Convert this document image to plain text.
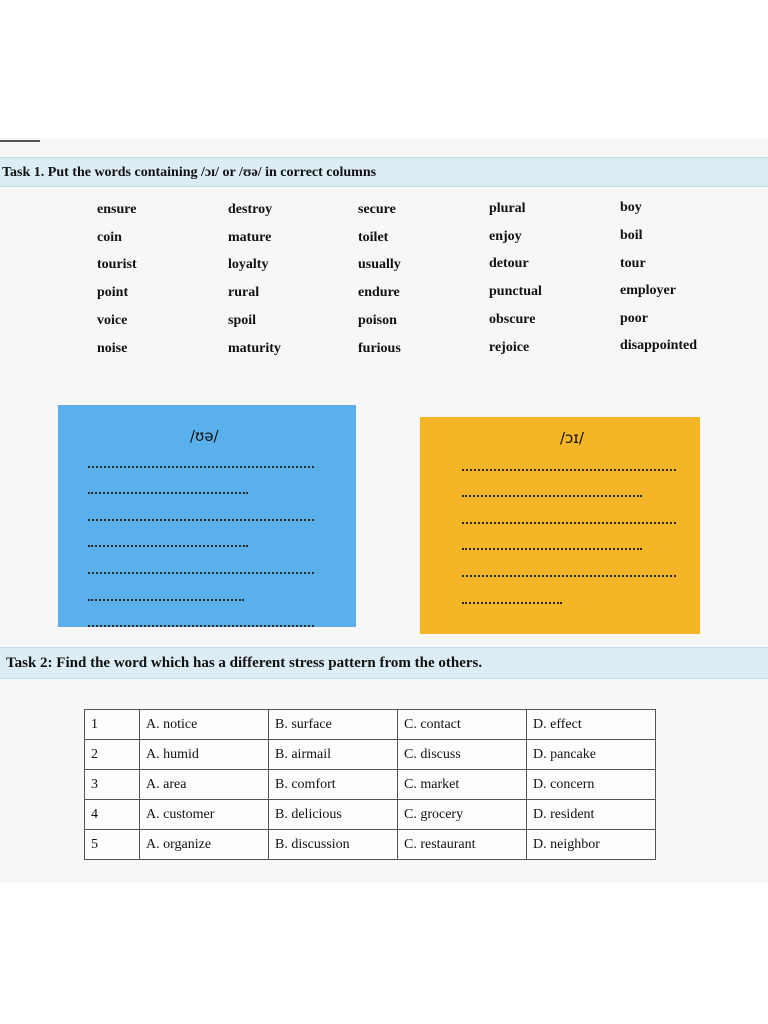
Task 1. Put the words containing /ɔɪ/ or /ʊə/ in correct columns
ensure
coin
tourist
point
voice
noise
destroy
mature
loyalty
rural
spoil
maturity
secure
toilet
usually
endure
poison
furious
plural
enjoy
detour
punctual
obscure
rejoice
boy
boil
tour
employer
poor
disappointed
/ʊə/	/ɔɪ/
Task 2: Find the word which has a different stress pattern from the others.
1	A. notice	B. surface	C. contact	D. effect
2	A. humid	B. airmail	C. discuss	D. pancake
3	A. area	B. comfort	C. market	D. concern
4	A. customer	B. delicious	C. grocery	D. resident
5	A. organize	B. discussion	C. restaurant	D. neighbor
